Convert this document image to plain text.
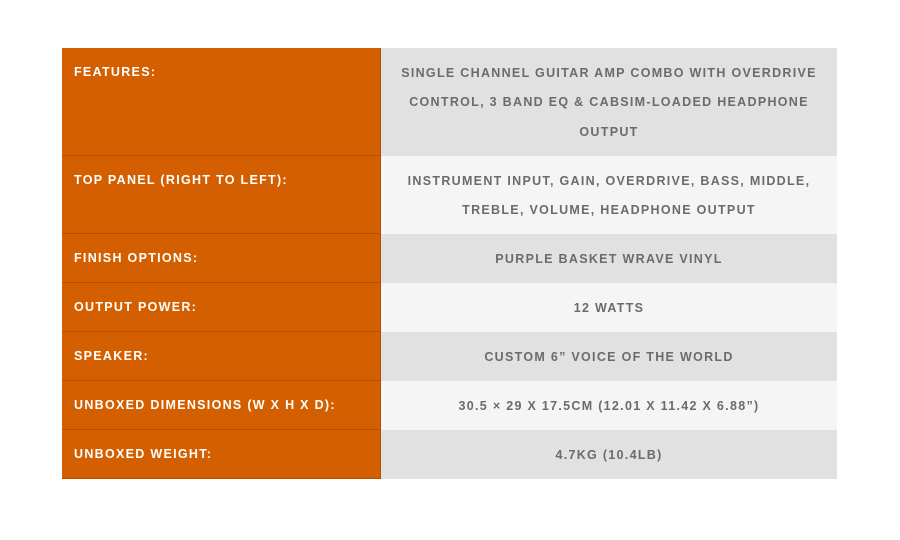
FEATURES:	SINGLE CHANNEL GUITAR AMP COMBO WITH OVERDRIVE CONTROL, 3 BAND EQ & CABSIM-LOADED HEADPHONE OUTPUT
TOP PANEL (RIGHT TO LEFT):	INSTRUMENT INPUT, GAIN, OVERDRIVE, BASS, MIDDLE, TREBLE, VOLUME, HEADPHONE OUTPUT
FINISH OPTIONS:	PURPLE BASKET WRAVE VINYL
OUTPUT POWER:	12 WATTS
SPEAKER:	CUSTOM 6” VOICE OF THE WORLD
UNBOXED DIMENSIONS (W X H X D):	30.5 × 29 X 17.5CM (12.01 X 11.42 X 6.88”)
UNBOXED WEIGHT:	4.7KG (10.4LB)
